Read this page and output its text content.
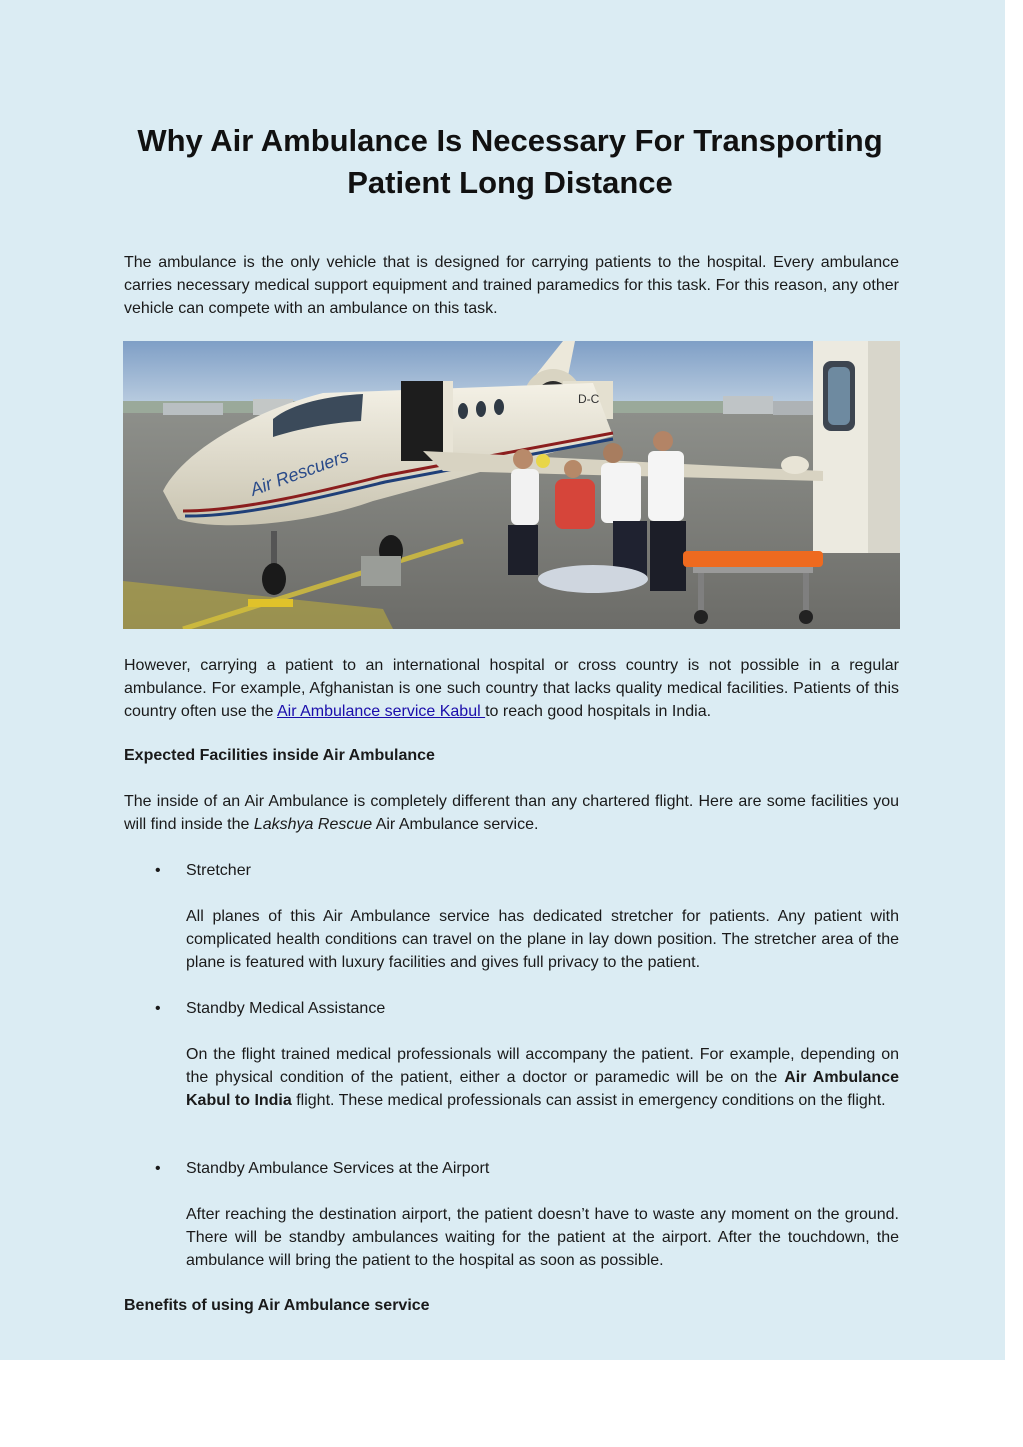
Why Air Ambulance Is Necessary For Transporting Patient Long Distance
The ambulance is the only vehicle that is designed for carrying patients to the hospital. Every ambulance carries necessary medical support equipment and trained paramedics for this task. For this reason, any other vehicle can compete with an ambulance on this task.
Air Rescuers
D-C
However, carrying a patient to an international hospital or cross country is not possible in a regular ambulance. For example, Afghanistan is one such country that lacks quality medical facilities. Patients of this country often use the Air Ambulance service Kabul to reach good hospitals in India.
Expected Facilities inside Air Ambulance
The inside of an Air Ambulance is completely different than any chartered flight. Here are some facilities you will find inside the Lakshya Rescue Air Ambulance service.
• Stretcher
All planes of this Air Ambulance service has dedicated stretcher for patients. Any patient with complicated health conditions can travel on the plane in lay down position. The stretcher area of the plane is featured with luxury facilities and gives full privacy to the patient.
• Standby Medical Assistance
On the flight trained medical professionals will accompany the patient. For example, depending on the physical condition of the patient, either a doctor or paramedic will be on the Air Ambulance Kabul to India flight. These medical professionals can assist in emergency conditions on the flight.
• Standby Ambulance Services at the Airport
After reaching the destination airport, the patient doesn’t have to waste any moment on the ground. There will be standby ambulances waiting for the patient at the airport. After the touchdown, the ambulance will bring the patient to the hospital as soon as possible.
Benefits of using Air Ambulance service
